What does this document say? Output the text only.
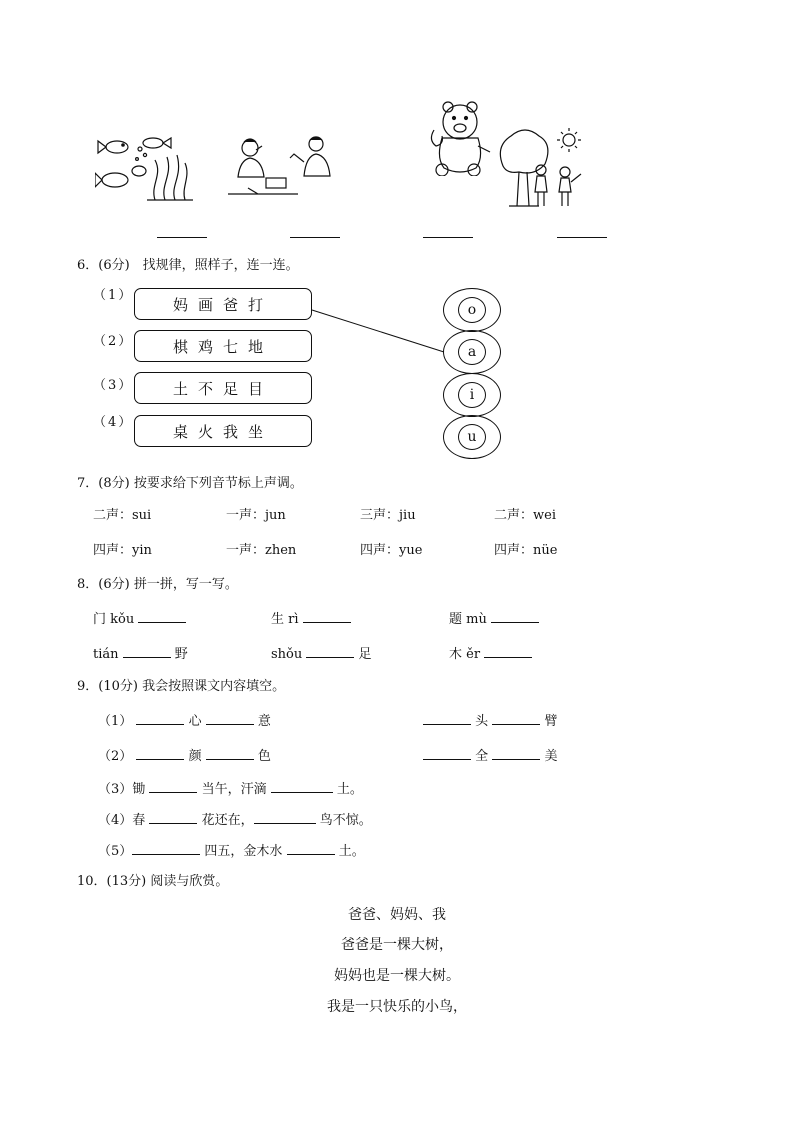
6．(6分)　找规律，照样子，连一连。
（1）
（2）
（3）
（4）
妈画爸打
棋鸡七地
土不足目
桌火我坐
o
a
i
u
7．(8分) 按要求给下列音节标上声调。
二声：sui	一声：jun	三声：jiu	二声：wei
四声：yin	一声：zhen	四声：yue	四声：nüe
8．(6分) 拼一拼，写一写。
门 kǒu	生 rì	题 mù
tián	野	shǒu	足	木 ěr
9．(10分) 我会按照课文内容填空。
（1）	心	意	头	臂
（2）	颜	色	全	美
（3）锄	当午，汗滴	土。
（4）春	花还在，	鸟不惊。
（5）	四五，金木水	土。
10．(13分) 阅读与欣赏。
爸爸、妈妈、我
爸爸是一棵大树，
妈妈也是一棵大树。
我是一只快乐的小鸟，
